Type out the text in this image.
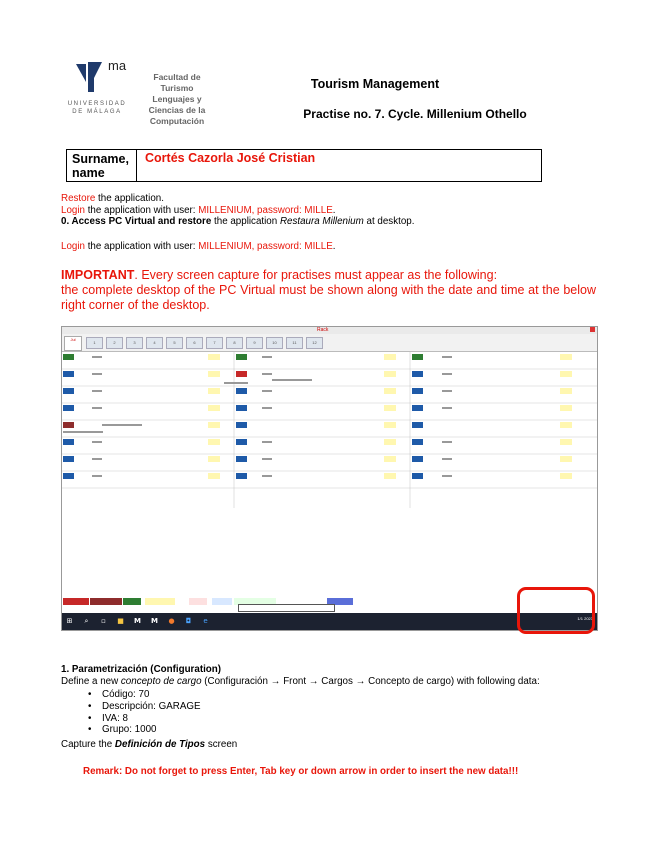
ma
UNIVERSIDAD DE MÁLAGA
Facultad de
Turismo
Lenguajes y
Ciencias de la
Computación
Tourism Management
Practise no. 7. Cycle. Millenium Othello
Surname, name
Cortés Cazorla José Cristian
Restore the application.
Login the application with user: MILLENIUM, password: MILLE.
0. Access PC Virtual and restore the application Restaura Millenium at desktop.
Login the application with user: MILLENIUM, password: MILLE.
IMPORTANT. Every screen capture for practises must appear as the following:
the complete desktop of the PC Virtual must be shown along with the date and time at the below right corner of the desktop.
Rack
Jul
1	2	3	4	5	6	7	8	9	10	11	12
⊞	⌕	▫	■ M M ● ◘	e	1/1 2023
1. Parametrización (Configuration)
Define a new concepto de cargo (Configuración → Front → Cargos → Concepto de cargo) with following data:
• Código: 70
• Descripción: GARAGE
• IVA: 8
• Grupo: 1000
Capture the Definición de Tipos screen
Remark: Do not forget to press Enter, Tab key or down arrow in order to insert the new data!!!
